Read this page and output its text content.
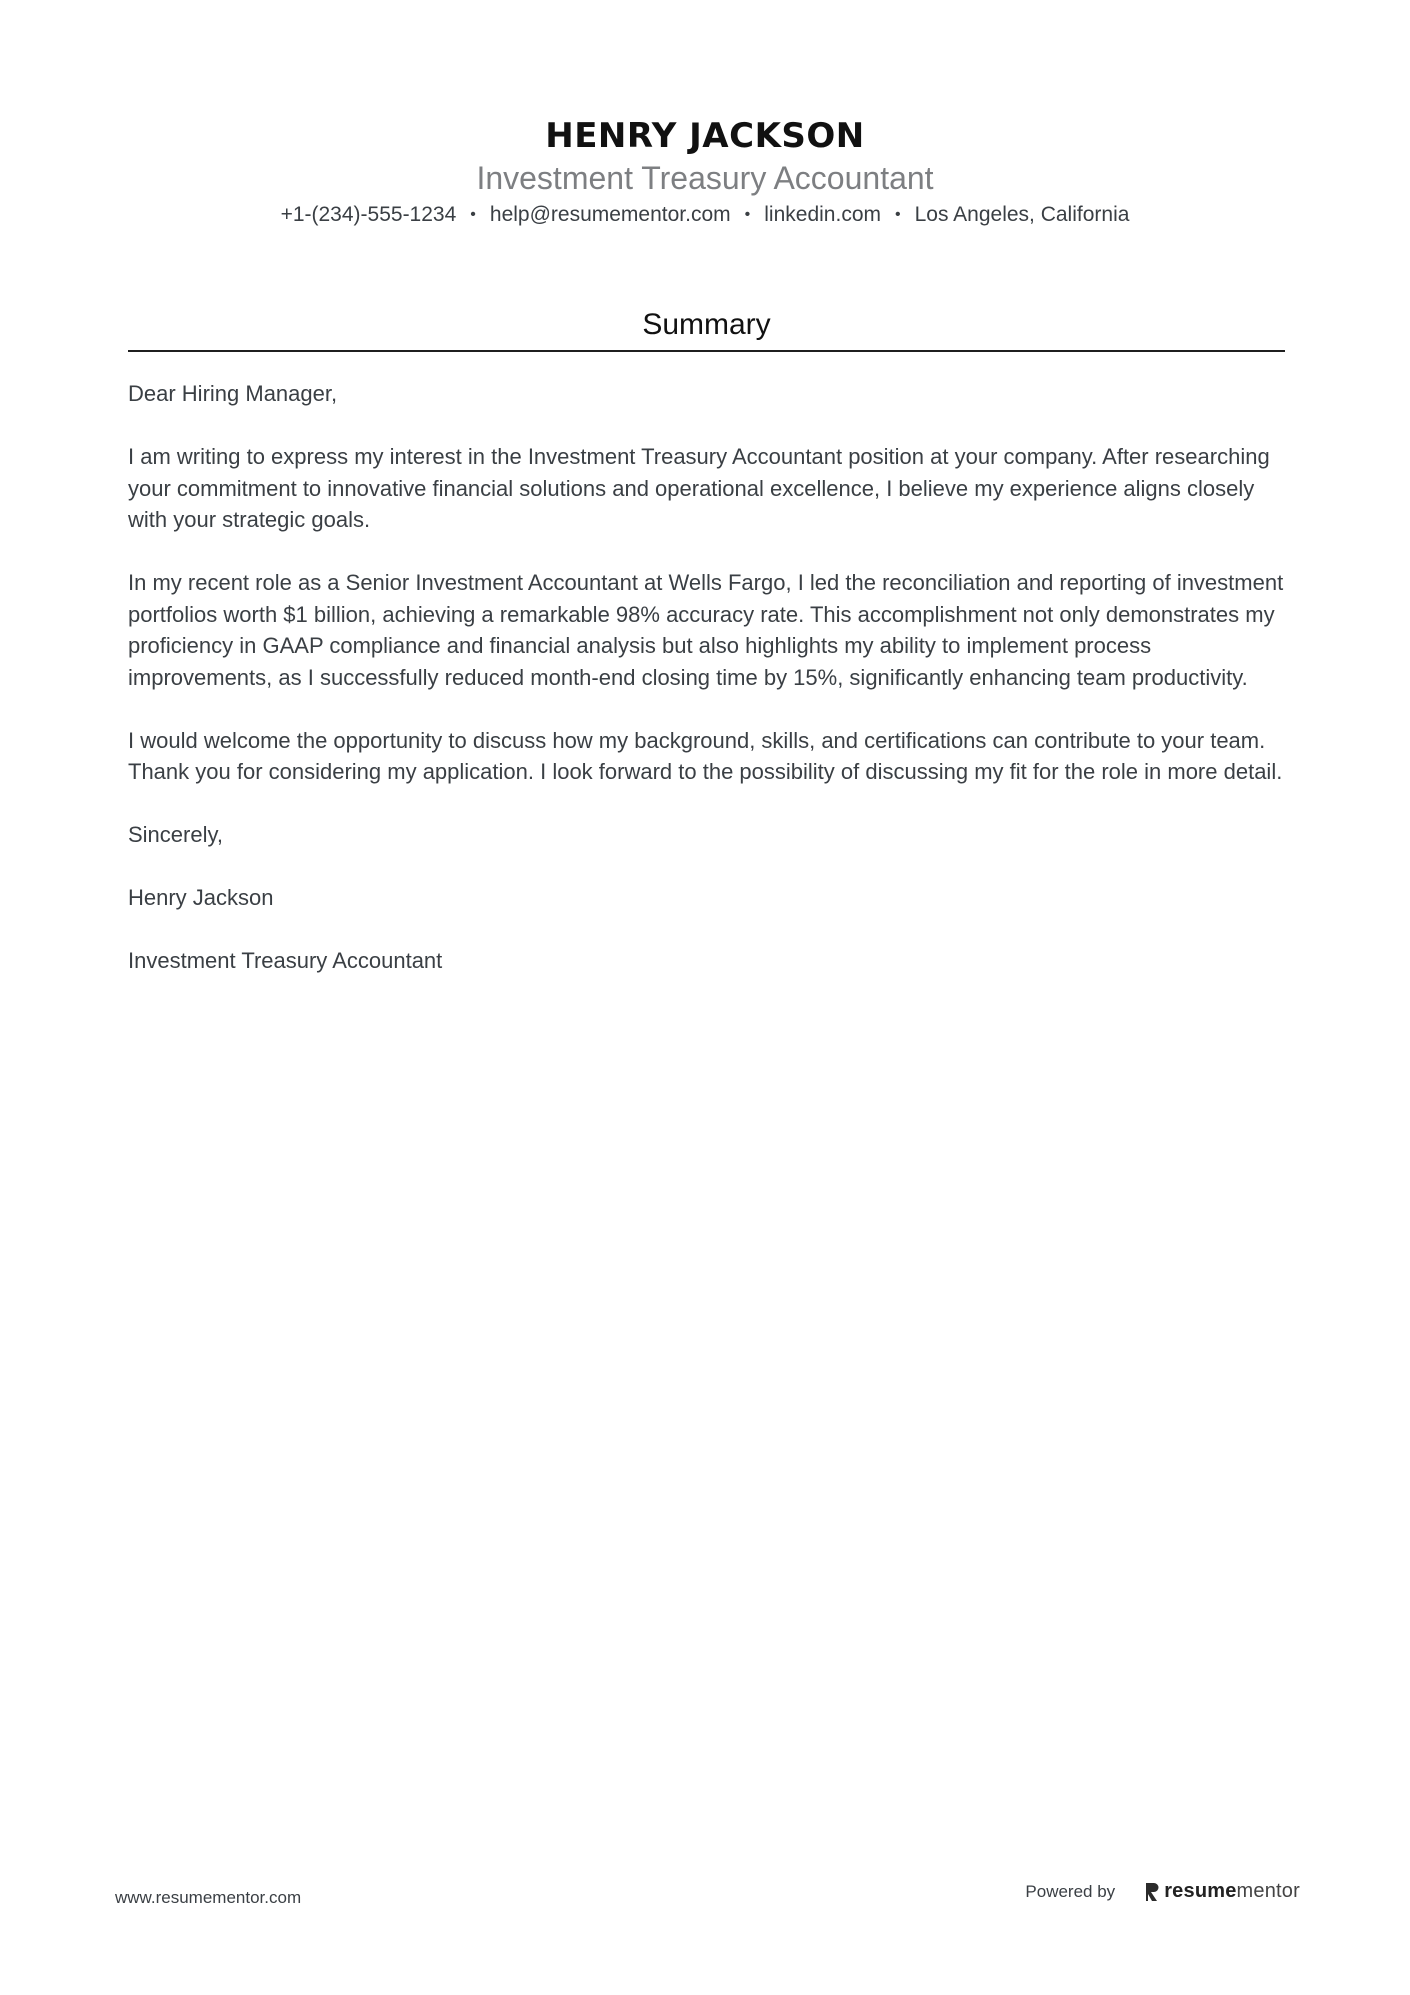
HENRY JACKSON
Investment Treasury Accountant
+1-(234)-555-1234 • help@resumementor.com • linkedin.com • Los Angeles, California
Summary

Dear Hiring Manager,

I am writing to express my interest in the Investment Treasury Accountant position at your company. After researching your commitment to innovative financial solutions and operational excellence, I believe my experience aligns closely with your strategic goals.

In my recent role as a Senior Investment Accountant at Wells Fargo, I led the reconciliation and reporting of investment portfolios worth $1 billion, achieving a remarkable 98% accuracy rate. This accomplishment not only demonstrates my proficiency in GAAP compliance and financial analysis but also highlights my ability to implement process improvements, as I successfully reduced month-end closing time by 15%, significantly enhancing team productivity.

I would welcome the opportunity to discuss how my background, skills, and certifications can contribute to your team. Thank you for considering my application. I look forward to the possibility of discussing my fit for the role in more detail.

Sincerely,

Henry Jackson

Investment Treasury Accountant

www.resumementor.com	Powered by resume mentor
